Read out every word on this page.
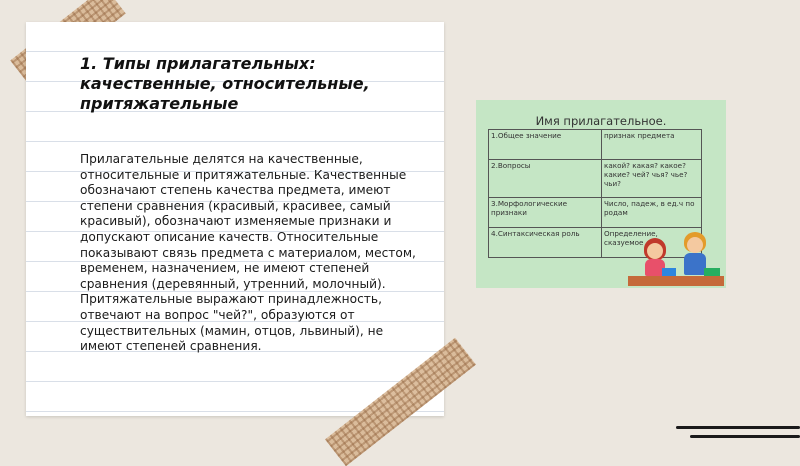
1. Типы прилагательных: качественные, относительные, притяжательные

Прилагательные делятся на качественные, относительные и притяжательные. Качественные обозначают степень качества предмета, имеют степени сравнения (красивый, красивее, самый красивый), обозначают изменяемые признаки и допускают описание качеств. Относительные показывают связь предмета с материалом, местом, временем, назначением, не имеют степеней сравнения (деревянный, утренний, молочный). Притяжательные выражают принадлежность, отвечают на вопрос "чей?", образуются от существительных (мамин, отцов, львиный), не имеют степеней сравнения.

Имя прилагательное.
1.Общее значение	признак предмета
2.Вопросы	какой? какая? какое? какие? чей? чья? чье? чьи?
3.Морфологические признаки	Число, падеж, в ед.ч по родам
4.Синтаксическая роль	Определение, сказуемое
